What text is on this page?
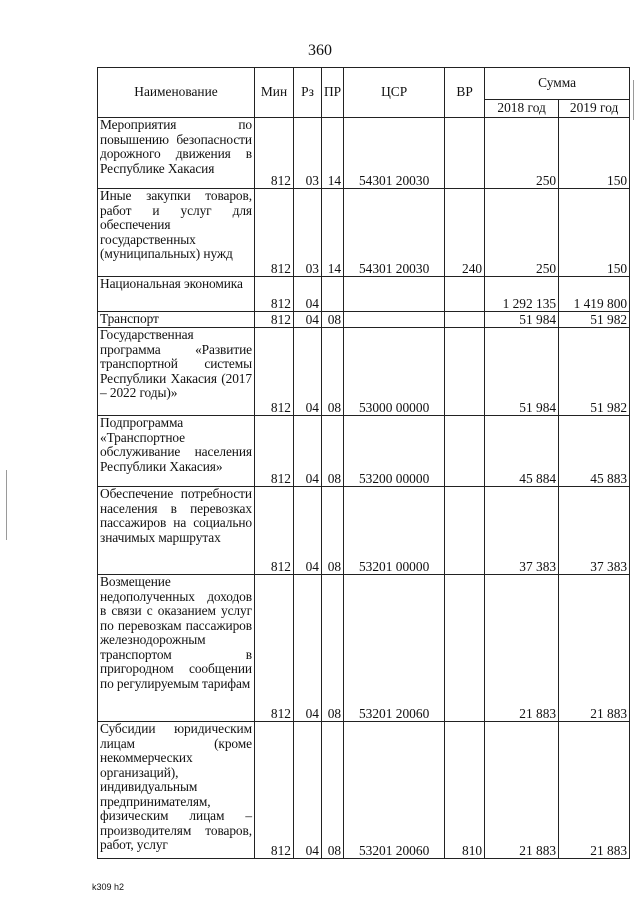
360
Наименование	Мин	Рз	ПР	ЦСР	ВР	Сумма	
						2018 год	2019 год
Мероприятия по повышению безопасности дорожного движения в Республике Хакасия	812	03	14	54301 20030		250	150
Иные закупки товаров, работ и услуг для обеспечения государственных (муниципальных) нужд	812	03	14	54301 20030	240	250	150
Национальная экономика	812	04				1 292 135	1 419 800
Транспорт	812	04	08			51 984	51 982
Государственная программа «Развитие транспортной системы Республики Хакасия (2017 – 2022 годы)»	812	04	08	53000 00000		51 984	51 982
Подпрограмма «Транспортное обслуживание населения Республики Хакасия»	812	04	08	53200 00000		45 884	45 883
Обеспечение потребности населения в перевозках пассажиров на социально значимых маршрутах	812	04	08	53201 00000		37 383	37 383
Возмещение недополученных доходов в связи с оказанием услуг по перевозкам пассажиров железнодорожным транспортом в пригородном сообщении по регулируемым тарифам	812	04	08	53201 20060		21 883	21 883
Субсидии юридическим лицам (кроме некоммерческих организаций), индивидуальным предпринимателям, физическим лицам – производителям товаров, работ, услуг	812	04	08	53201 20060	810	21 883	21 883
k309 h2
